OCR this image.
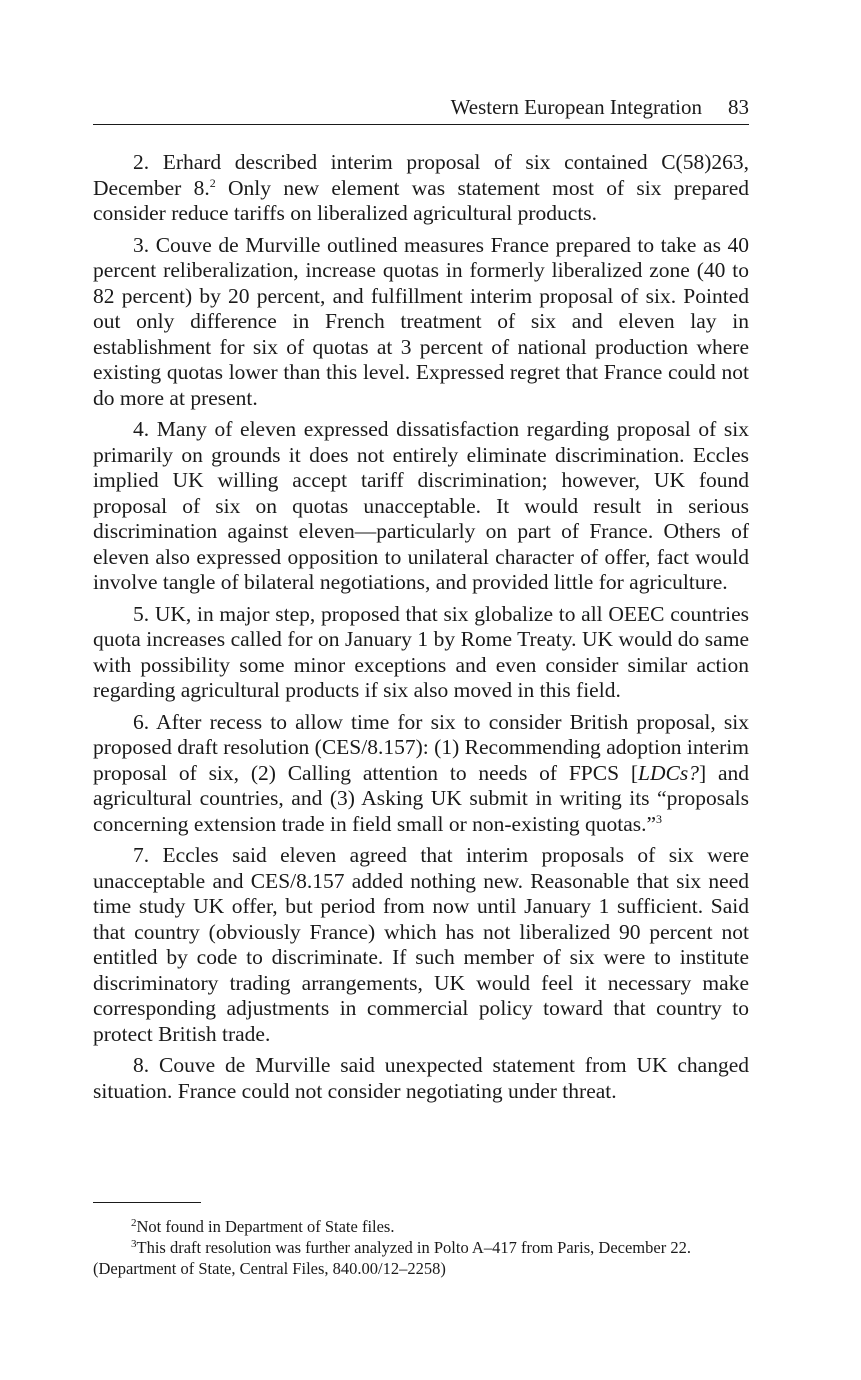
Western European Integration 83

2. Erhard described interim proposal of six contained C(58)263, December 8.$^2$ Only new element was statement most of six prepared consider reduce tariffs on liberalized agricultural products.

3. Couve de Murville outlined measures France prepared to take as 40 percent reliberalization, increase quotas in formerly liberalized zone (40 to 82 percent) by 20 percent, and fulfillment interim proposal of six. Pointed out only difference in French treatment of six and eleven lay in establishment for six of quotas at 3 percent of national production where existing quotas lower than this level. Expressed regret that France could not do more at present.

4. Many of eleven expressed dissatisfaction regarding proposal of six primarily on grounds it does not entirely eliminate discrimination. Eccles implied UK willing accept tariff discrimination; however, UK found proposal of six on quotas unacceptable. It would result in serious discrimination against eleven—particularly on part of France. Others of eleven also expressed opposition to unilateral character of offer, fact would involve tangle of bilateral negotiations, and provided little for agriculture.

5. UK, in major step, proposed that six globalize to all OEEC countries quota increases called for on January 1 by Rome Treaty. UK would do same with possibility some minor exceptions and even consider similar action regarding agricultural products if six also moved in this field.

6. After recess to allow time for six to consider British proposal, six proposed draft resolution (CES/8.157): (1) Recommending adoption interim proposal of six, (2) Calling attention to needs of FPCS [LDCs?] and agricultural countries, and (3) Asking UK submit in writing its “proposals concerning extension trade in field small or non-existing quotas.”$^3$

7. Eccles said eleven agreed that interim proposals of six were unacceptable and CES/8.157 added nothing new. Reasonable that six need time study UK offer, but period from now until January 1 sufficient. Said that country (obviously France) which has not liberalized 90 percent not entitled by code to discriminate. If such member of six were to institute discriminatory trading arrangements, UK would feel it necessary make corresponding adjustments in commercial policy toward that country to protect British trade.

8. Couve de Murville said unexpected statement from UK changed situation. France could not consider negotiating under threat.

$^2$Not found in Department of State files.

$^3$This draft resolution was further analyzed in Polto A–417 from Paris, December 22. (Department of State, Central Files, 840.00/12–2258)
